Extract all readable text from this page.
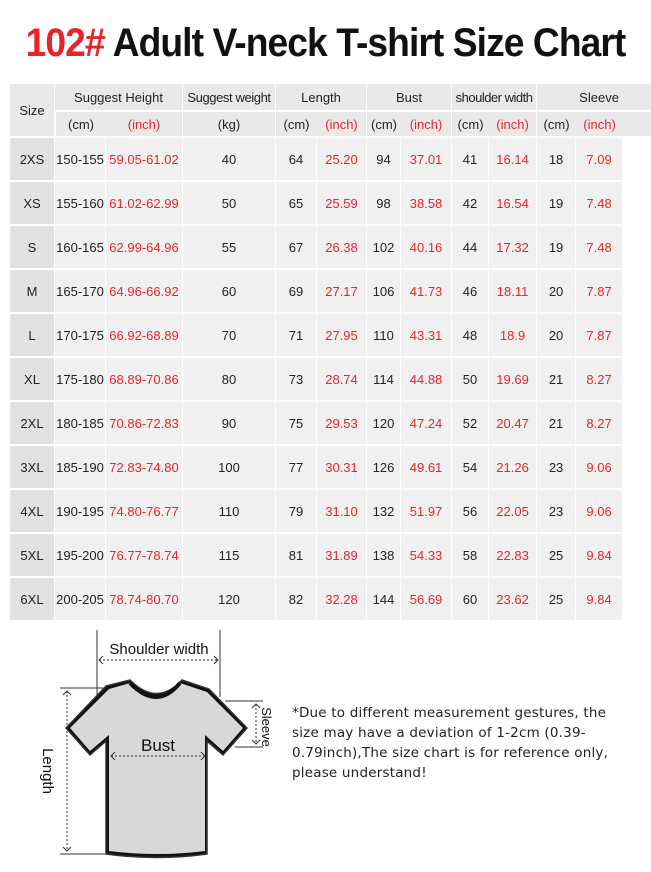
102# Adult V-neck T-shirt Size Chart
Size	Suggest Height		Suggest weight	Length		Bust		shoulder width		Sleeve		
	(cm)	(inch)	(kg)	(cm)	(inch)	(cm)	(inch)	(cm)	(inch)	(cm)	(inch)	
2XS	150-155	59.05-61.02	40	64	25.20	94	37.01	41	16.14	18	7.09	
XS	155-160	61.02-62.99	50	65	25.59	98	38.58	42	16.54	19	7.48	
S	160-165	62.99-64.96	55	67	26.38	102	40.16	44	17.32	19	7.48	
M	165-170	64.96-66.92	60	69	27.17	106	41.73	46	18.11	20	7.87	
L	170-175	66.92-68.89	70	71	27.95	110	43.31	48	18.9	20	7.87	
XL	175-180	68.89-70.86	80	73	28.74	114	44.88	50	19.69	21	8.27	
2XL	180-185	70.86-72.83	90	75	29.53	120	47.24	52	20.47	21	8.27	
3XL	185-190	72.83-74.80	100	77	30.31	126	49.61	54	21.26	23	9.06	
4XL	190-195	74.80-76.77	110	79	31.10	132	51.97	56	22.05	23	9.06	
5XL	195-200	76.77-78.74	115	81	31.89	138	54.33	58	22.83	25	9.84	
6XL	200-205	78.74-80.70	120	82	32.28	144	56.69	60	23.62	25	9.84	
Shoulder width
Length
Bust	Sleeve *Due to different measurement gestures, the size may have a deviation of 1-2cm (0.39-0.79inch),The size chart is for reference only, please understand!
